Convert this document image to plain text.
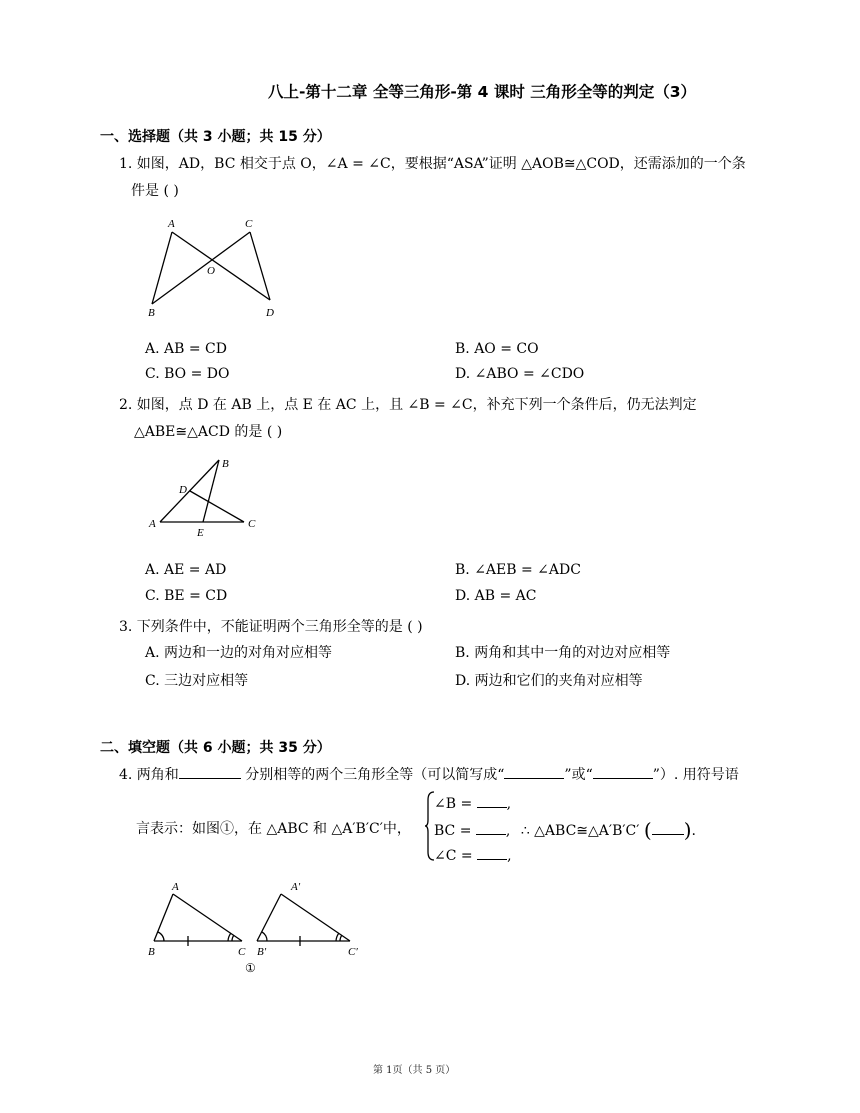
八上-第十二章 全等三角形-第 4 课时 三角形全等的判定（3）
一、选择题（共 3 小题；共 15 分）
1. 如图，AD，BC 相交于点 O，∠A = ∠C，要根据“ASA”证明 △AOB≅△COD，还需添加的一个条
件是 ( )
A	C
O
B	D
A. AB = CD	B. AO = CO
C. BO = DO	D. ∠ABO = ∠CDO
2. 如图，点 D 在 AB 上，点 E 在 AC 上，且 ∠B = ∠C，补充下列一个条件后，仍无法判定
△ABE≅△ACD 的是 ( )
B
D
A	C
E
A. AE = AD	B. ∠AEB = ∠ADC
C. BE = CD	D. AB = AC
3. 下列条件中，不能证明两个三角形全等的是 ( )
A. 两边和一边的对角对应相等	B. 两角和其中一角的对边对应相等
C. 三边对应相等	D. 两边和它们的夹角对应相等
二、填空题（共 6 小题；共 35 分）
4. 两角和	分别相等的两个三角形全等（可以简写成“	”或“	”）. 用符号语
言表示：如图①，在 △ABC 和 △A′B′C′中，
∠B = ,
BC = , ∴ △ABC≅△A′B′C′ ( ).
∠C = ,
A
B	C
A′
B′	C′
①
第 1页（共 5 页）
